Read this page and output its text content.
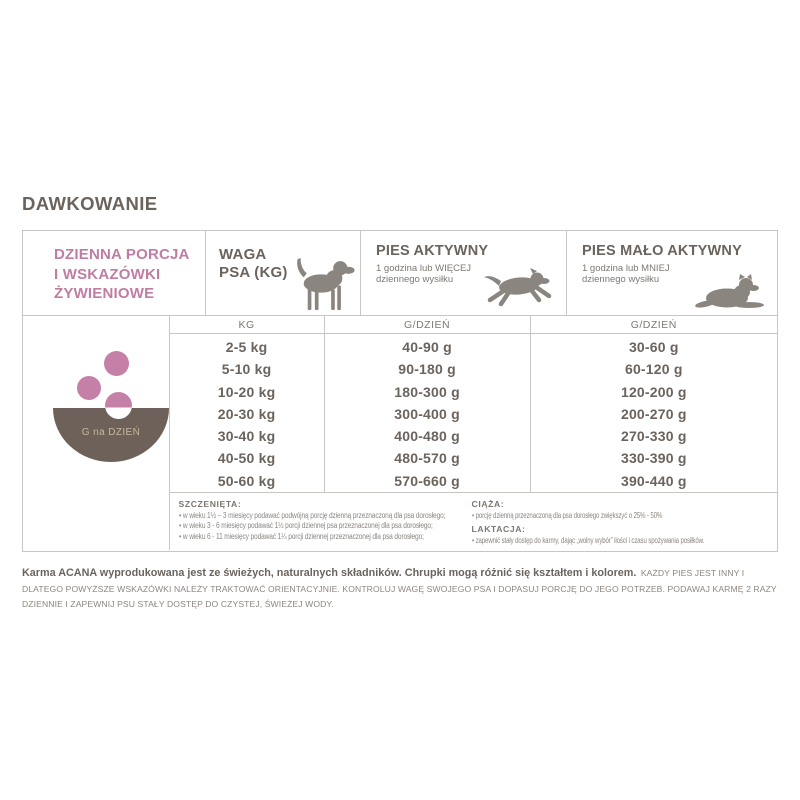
DAWKOWANIE
DZIENNA PORCJA
I WSKAZÓWKI
ŻYWIENIOWE
WAGA
PSA (KG)
PIES AKTYWNY
1 godzina lub WIĘCEJ
dziennego wysiłku
PIES MAŁO AKTYWNY
1 godzina lub MNIEJ
dziennego wysiłku
G na DZIEŃ
KG	G/DZIEŃ	G/DZIEŃ
2-5 kg
5-10 kg
10-20 kg
20-30 kg
30-40 kg
40-50 kg
50-60 kg
40-90 g
90-180 g
180-300 g
300-400 g
400-480 g
480-570 g
570-660 g
30-60 g
60-120 g
120-200 g
200-270 g
270-330 g
330-390 g
390-440 g
SZCZENIĘTA:
• w wieku 1½ – 3 miesięcy podawać podwójną porcję dzienną przeznaczoną dla psa dorosłego;
• w wieku 3 - 6 miesięcy podawać 1½ porcji dziennej psa przeznaczonej dla psa dorosłego;
• w wieku 6 - 11 miesięcy podawać 1¼ porcji dziennej przeznaczonej dla psa dorosłego;
CIĄŻA:
• porcję dzienną przeznaczoną dla psa dorosłego zwiększyć o 25% - 50%
LAKTACJA:
• zapewnić stały dostęp do karmy, dając „wolny wybór” ilości i czasu spożywania posiłków.
Karma ACANA wyprodukowana jest ze świeżych, naturalnych składników. Chrupki mogą różnić się kształtem i kolorem. KAŻDY PIES JEST INNY I DLATEGO POWYŻSZE WSKAZÓWKI NALEŻY TRAKTOWAĆ ORIENTACYJNIE. KONTROLUJ WAGĘ SWOJEGO PSA I DOPASUJ PORCJĘ DO JEGO POTRZEB. PODAWAJ KARMĘ 2 RAZY DZIENNIE I ZAPEWNIJ PSU STAŁY DOSTĘP DO CZYSTEJ, ŚWIEŻEJ WODY.
